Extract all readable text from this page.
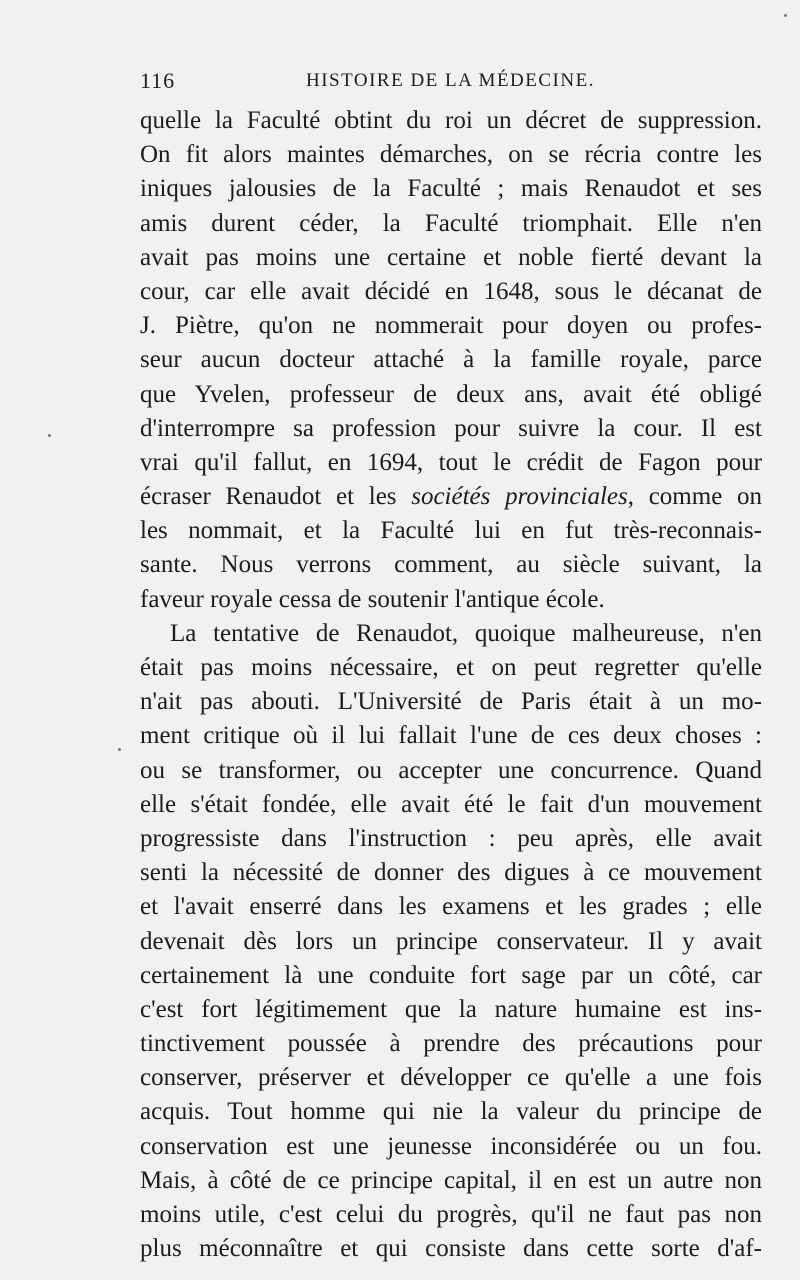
116	HISTOIRE DE LA MÉDECINE.
quelle la Faculté obtint du roi un décret de suppression.
On fit alors maintes démarches, on se récria contre les
iniques jalousies de la Faculté ; mais Renaudot et ses
amis durent céder, la Faculté triomphait. Elle n'en
avait pas moins une certaine et noble fierté devant la
cour, car elle avait décidé en 1648, sous le décanat de
J. Piètre, qu'on ne nommerait pour doyen ou profes-
seur aucun docteur attaché à la famille royale, parce
que Yvelen, professeur de deux ans, avait été obligé
d'interrompre sa profession pour suivre la cour. Il est
vrai qu'il fallut, en 1694, tout le crédit de Fagon pour
écraser Renaudot et les sociétés provinciales, comme on
les nommait, et la Faculté lui en fut très-reconnais-
sante. Nous verrons comment, au siècle suivant, la
faveur royale cessa de soutenir l'antique école.
La tentative de Renaudot, quoique malheureuse, n'en
était pas moins nécessaire, et on peut regretter qu'elle
n'ait pas abouti. L'Université de Paris était à un mo-
ment critique où il lui fallait l'une de ces deux choses :
ou se transformer, ou accepter une concurrence. Quand
elle s'était fondée, elle avait été le fait d'un mouvement
progressiste dans l'instruction : peu après, elle avait
senti la nécessité de donner des digues à ce mouvement
et l'avait enserré dans les examens et les grades ; elle
devenait dès lors un principe conservateur. Il y avait
certainement là une conduite fort sage par un côté, car
c'est fort légitimement que la nature humaine est ins-
tinctivement poussée à prendre des précautions pour
conserver, préserver et développer ce qu'elle a une fois
acquis. Tout homme qui nie la valeur du principe de
conservation est une jeunesse inconsidérée ou un fou.
Mais, à côté de ce principe capital, il en est un autre non
moins utile, c'est celui du progrès, qu'il ne faut pas non
plus méconnaître et qui consiste dans cette sorte d'af-
